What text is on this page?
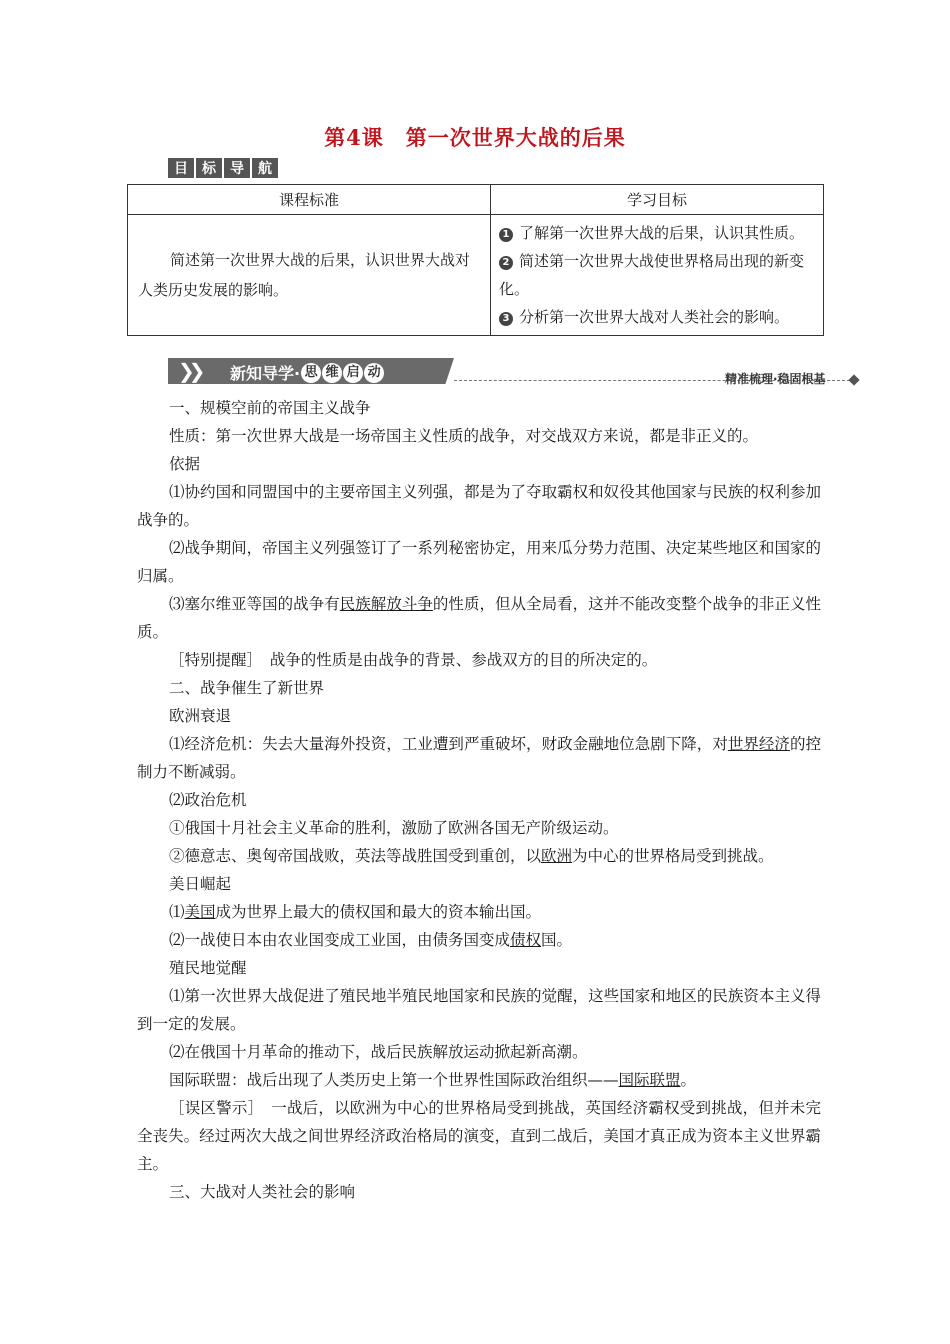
第4课　第一次世界大战的后果
目	标	导	航
课程标准	学习目标

简述第一次世界大战的后果，认识世界大战对人类历史发展的影响。	1 了解第一次世界大战的后果，认识其性质。
2 简述第一次世界大战使世界格局出现的新变化。
3 分析第一次世界大战对人类社会的影响。
❯❯ 新知导学· 思 维 启 动	精准梳理·稳固根基

一、规模空前的帝国主义战争

性质：第一次世界大战是一场帝国主义性质的战争，对交战双方来说，都是非正义的。

依据

⑴协约国和同盟国中的主要帝国主义列强，都是为了夺取霸权和奴役其他国家与民族的权利参加战争的。

⑵战争期间，帝国主义列强签订了一系列秘密协定，用来瓜分势力范围、决定某些地区和国家的归属。

⑶塞尔维亚等国的战争有民族解放斗争的性质，但从全局看，这并不能改变整个战争的非正义性质。

［特别提醒］　战争的性质是由战争的背景、参战双方的目的所决定的。

二、战争催生了新世界

欧洲衰退

⑴经济危机：失去大量海外投资，工业遭到严重破坏，财政金融地位急剧下降，对世界经济的控制力不断减弱。

⑵政治危机

①俄国十月社会主义革命的胜利，激励了欧洲各国无产阶级运动。

②德意志、奥匈帝国战败，英法等战胜国受到重创，以欧洲为中心的世界格局受到挑战。

美日崛起

⑴美国成为世界上最大的债权国和最大的资本输出国。

⑵一战使日本由农业国变成工业国，由债务国变成债权国。

殖民地觉醒

⑴第一次世界大战促进了殖民地半殖民地国家和民族的觉醒，这些国家和地区的民族资本主义得到一定的发展。

⑵在俄国十月革命的推动下，战后民族解放运动掀起新高潮。

国际联盟：战后出现了人类历史上第一个世界性国际政治组织——国际联盟。

［误区警示］　一战后，以欧洲为中心的世界格局受到挑战，英国经济霸权受到挑战，但并未完全丧失。经过两次大战之间世界经济政治格局的演变，直到二战后，美国才真正成为资本主义世界霸主。

三、大战对人类社会的影响
